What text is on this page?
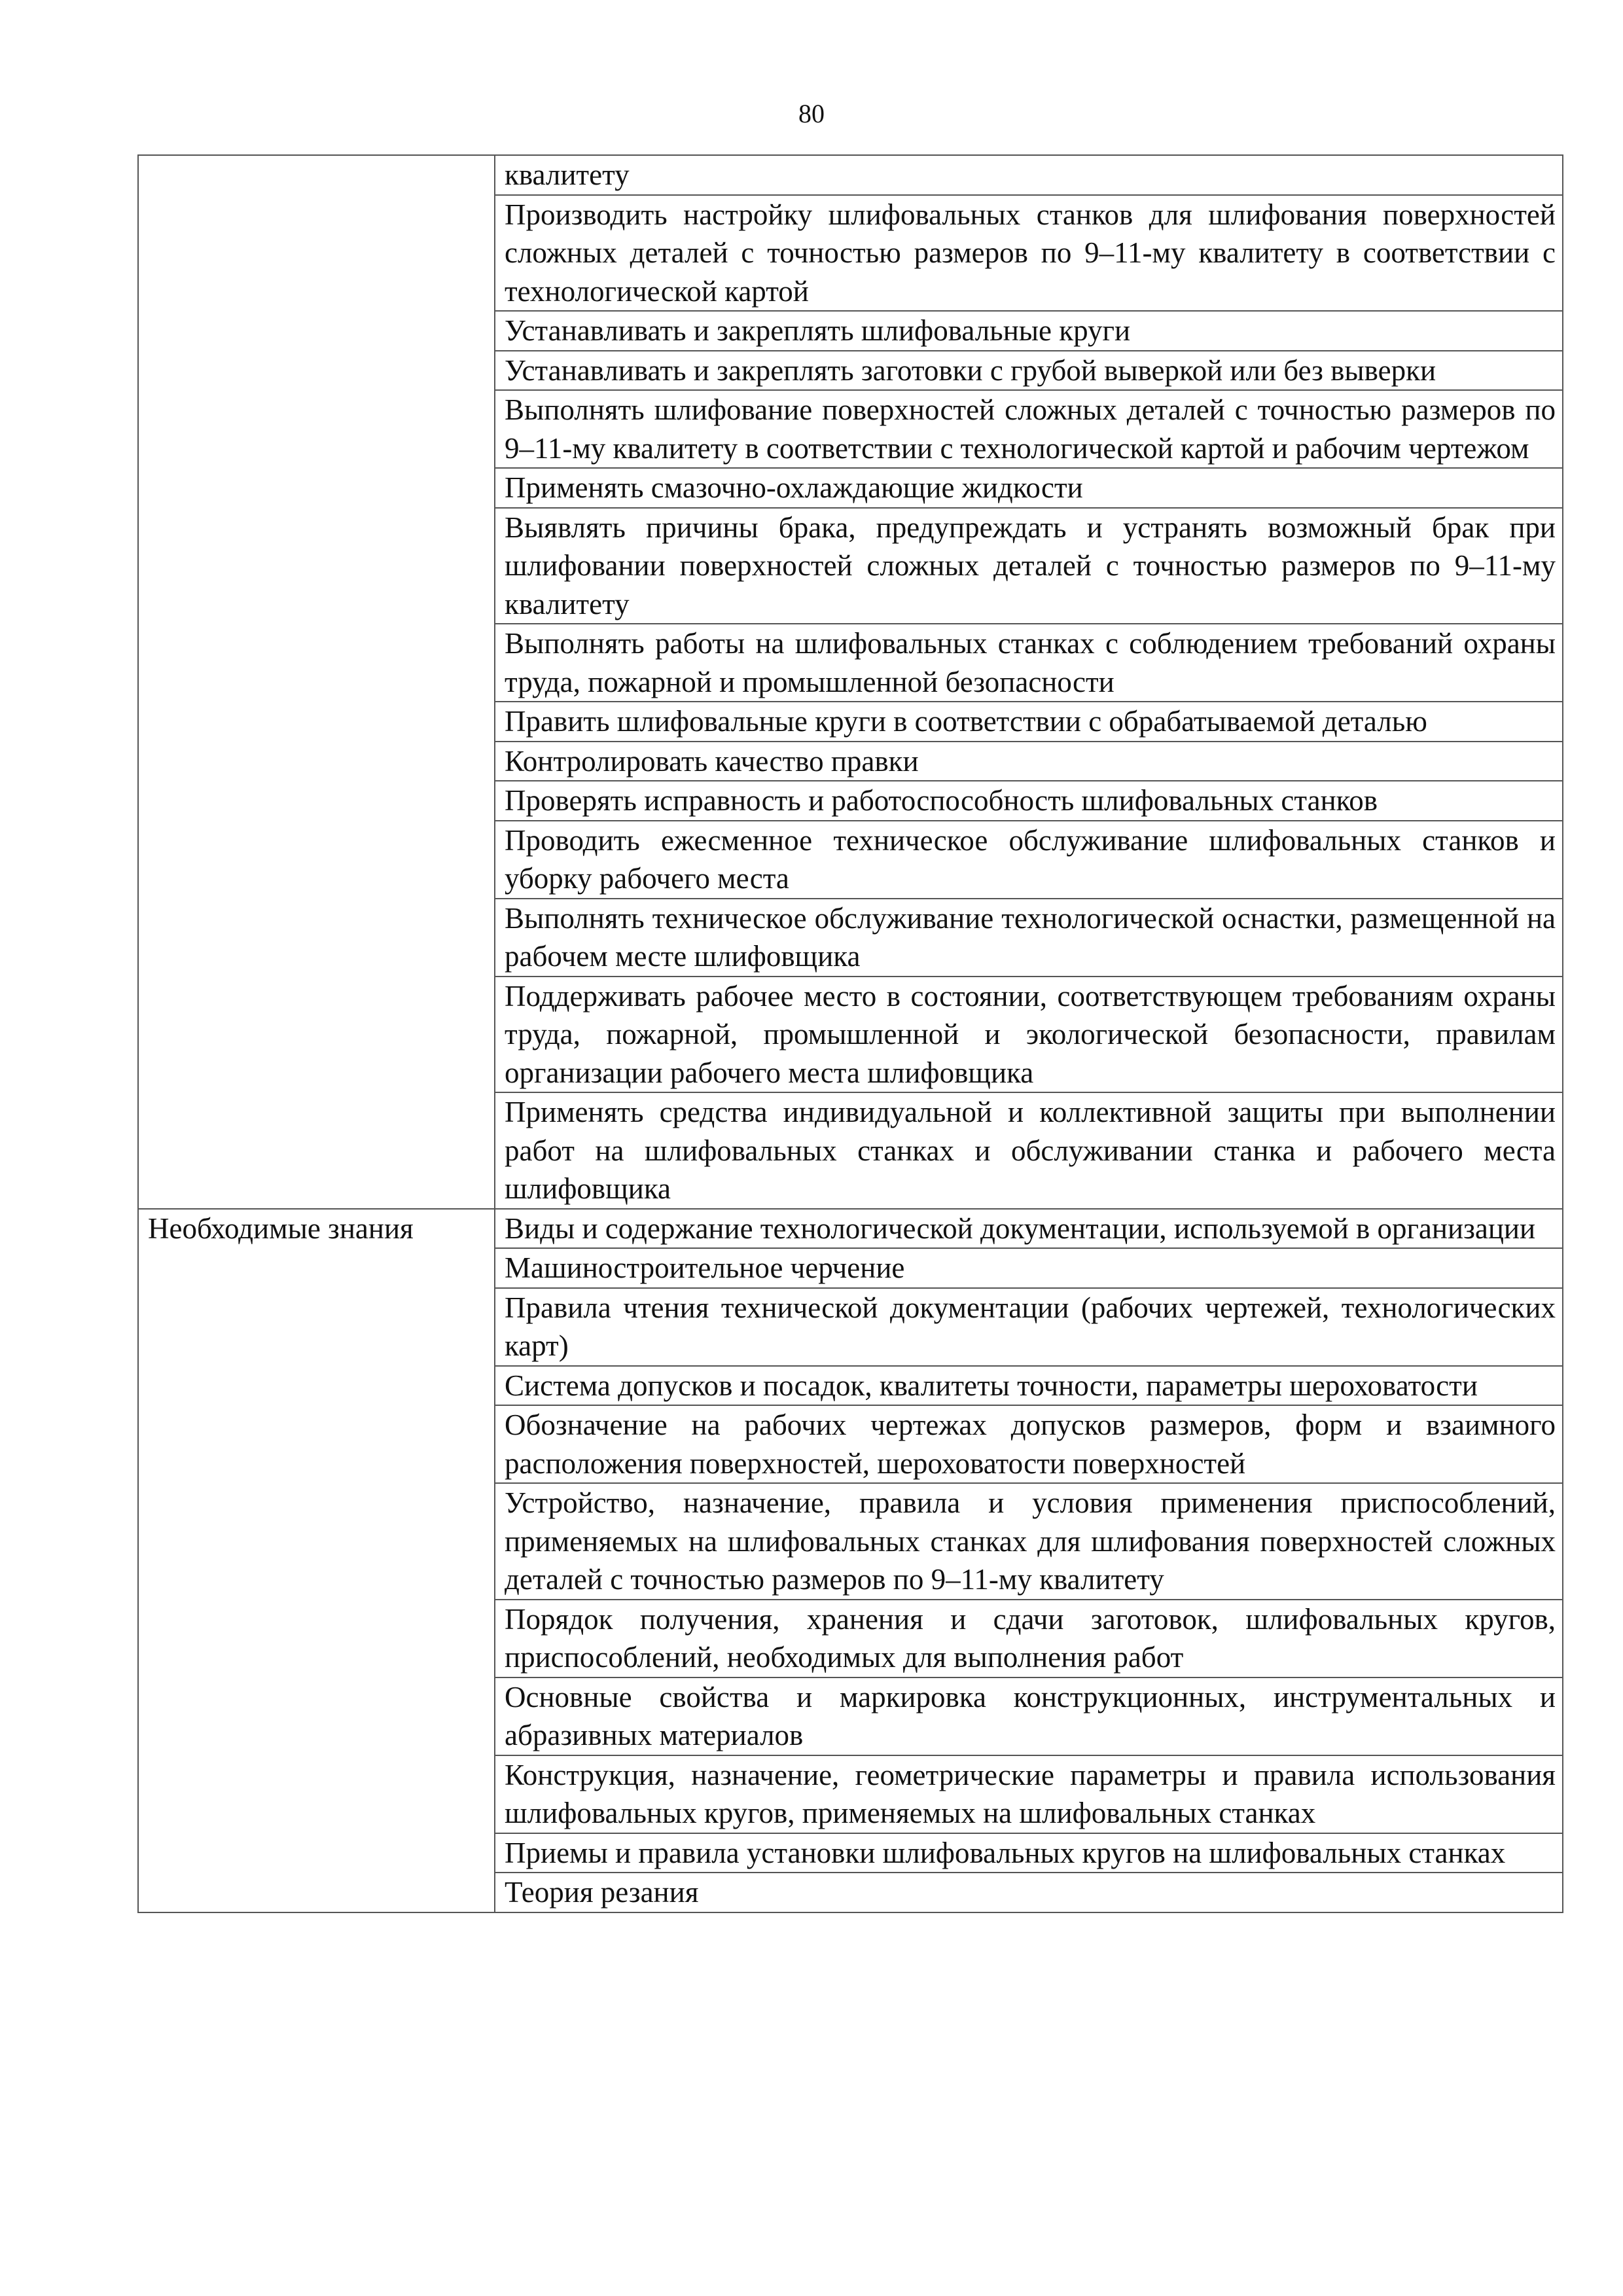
80
	квалитету
	Производить настройку шлифовальных станков для шлифования поверхностей сложных деталей с точностью размеров по 9–11-му квалитету в соответствии с технологической картой
	Устанавливать и закреплять шлифовальные круги
	Устанавливать и закреплять заготовки с грубой выверкой или без выверки
	Выполнять шлифование поверхностей сложных деталей с точностью размеров по 9–11-му квалитету в соответствии с технологической картой и рабочим чертежом
	Применять смазочно-охлаждающие жидкости
	Выявлять причины брака, предупреждать и устранять возможный брак при шлифовании поверхностей сложных деталей с точностью размеров по 9–11-му квалитету
	Выполнять работы на шлифовальных станках с соблюдением требований охраны труда, пожарной и промышленной безопасности
	Править шлифовальные круги в соответствии с обрабатываемой деталью
	Контролировать качество правки
	Проверять исправность и работоспособность шлифовальных станков
	Проводить ежесменное техническое обслуживание шлифовальных станков и уборку рабочего места
	Выполнять техническое обслуживание технологической оснастки, размещенной на рабочем месте шлифовщика
	Поддерживать рабочее место в состоянии, соответствующем требованиям охраны труда, пожарной, промышленной и экологической безопасности, правилам организации рабочего места шлифовщика
	Применять средства индивидуальной и коллективной защиты при выполнении работ на шлифовальных станках и обслуживании станка и рабочего места шлифовщика
Необходимые знания	Виды и содержание технологической документации, используемой в организации
	Машиностроительное черчение
	Правила чтения технической документации (рабочих чертежей, технологических карт)
	Система допусков и посадок, квалитеты точности, параметры шероховатости
	Обозначение на рабочих чертежах допусков размеров, форм и взаимного расположения поверхностей, шероховатости поверхностей
	Устройство, назначение, правила и условия применения приспособлений, применяемых на шлифовальных станках для шлифования поверхностей сложных деталей с точностью размеров по 9–11-му квалитету
	Порядок получения, хранения и сдачи заготовок, шлифовальных кругов, приспособлений, необходимых для выполнения работ
	Основные свойства и маркировка конструкционных, инструментальных и абразивных материалов
	Конструкция, назначение, геометрические параметры и правила использования шлифовальных кругов, применяемых на шлифовальных станках
	Приемы и правила установки шлифовальных кругов на шлифовальных станках
	Теория резания
